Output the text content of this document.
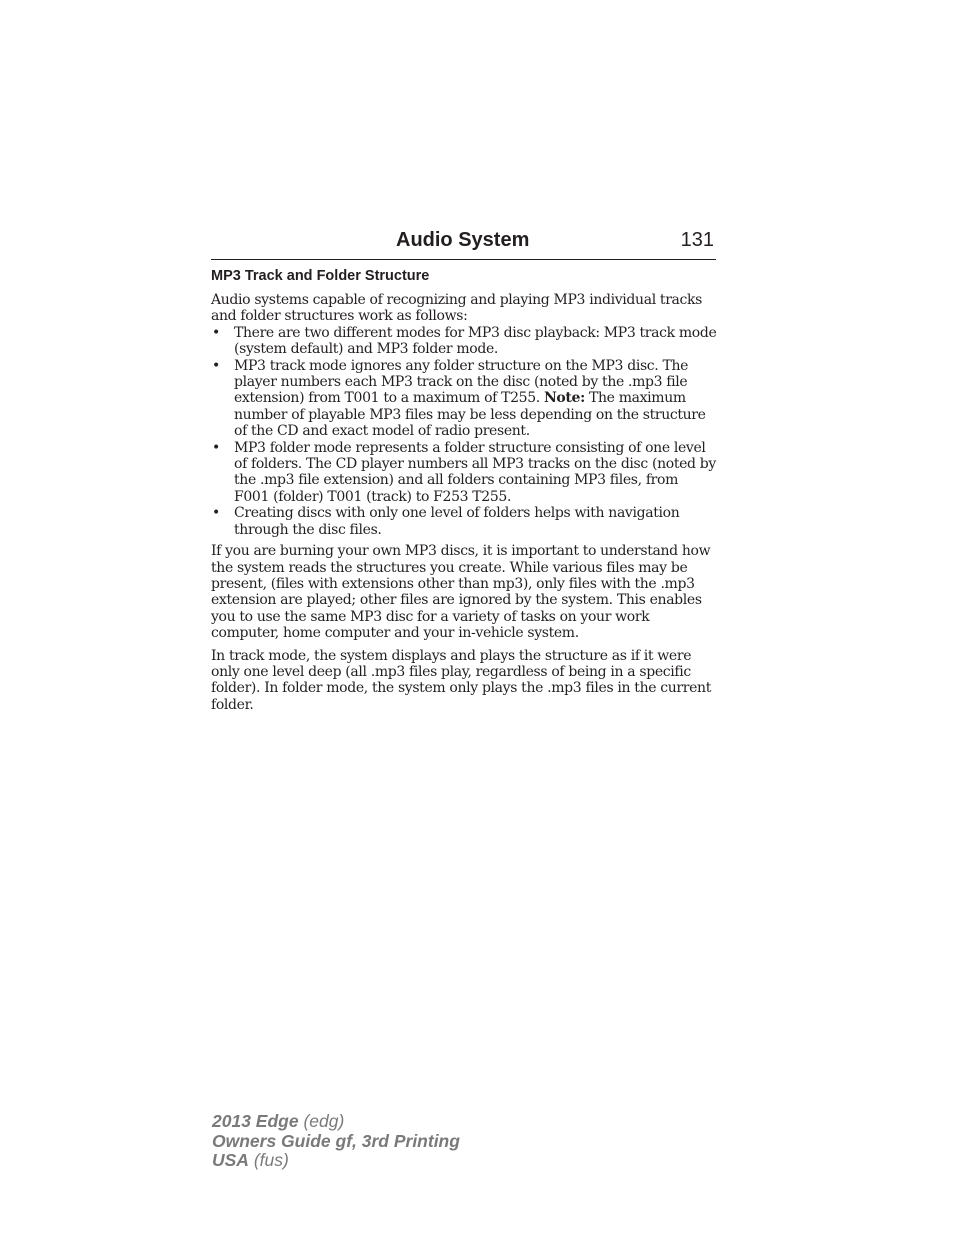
Audio System	131
MP3 Track and Folder Structure

Audio systems capable of recognizing and playing MP3 individual tracks and folder structures work as follows:

• There are two different modes for MP3 disc playback: MP3 track mode (system default) and MP3 folder mode.
• MP3 track mode ignores any folder structure on the MP3 disc. The player numbers each MP3 track on the disc (noted by the .mp3 file extension) from T001 to a maximum of T255. Note: The maximum number of playable MP3 files may be less depending on the structure of the CD and exact model of radio present.
• MP3 folder mode represents a folder structure consisting of one level of folders. The CD player numbers all MP3 tracks on the disc (noted by the .mp3 file extension) and all folders containing MP3 files, from F001 (folder) T001 (track) to F253 T255.
• Creating discs with only one level of folders helps with navigation through the disc files.

If you are burning your own MP3 discs, it is important to understand how the system reads the structures you create. While various files may be present, (files with extensions other than mp3), only files with the .mp3 extension are played; other files are ignored by the system. This enables you to use the same MP3 disc for a variety of tasks on your work computer, home computer and your in-vehicle system.

In track mode, the system displays and plays the structure as if it were only one level deep (all .mp3 files play, regardless of being in a specific folder). In folder mode, the system only plays the .mp3 files in the current folder.

2013 Edge (edg)
Owners Guide gf, 3rd Printing
USA (fus)
